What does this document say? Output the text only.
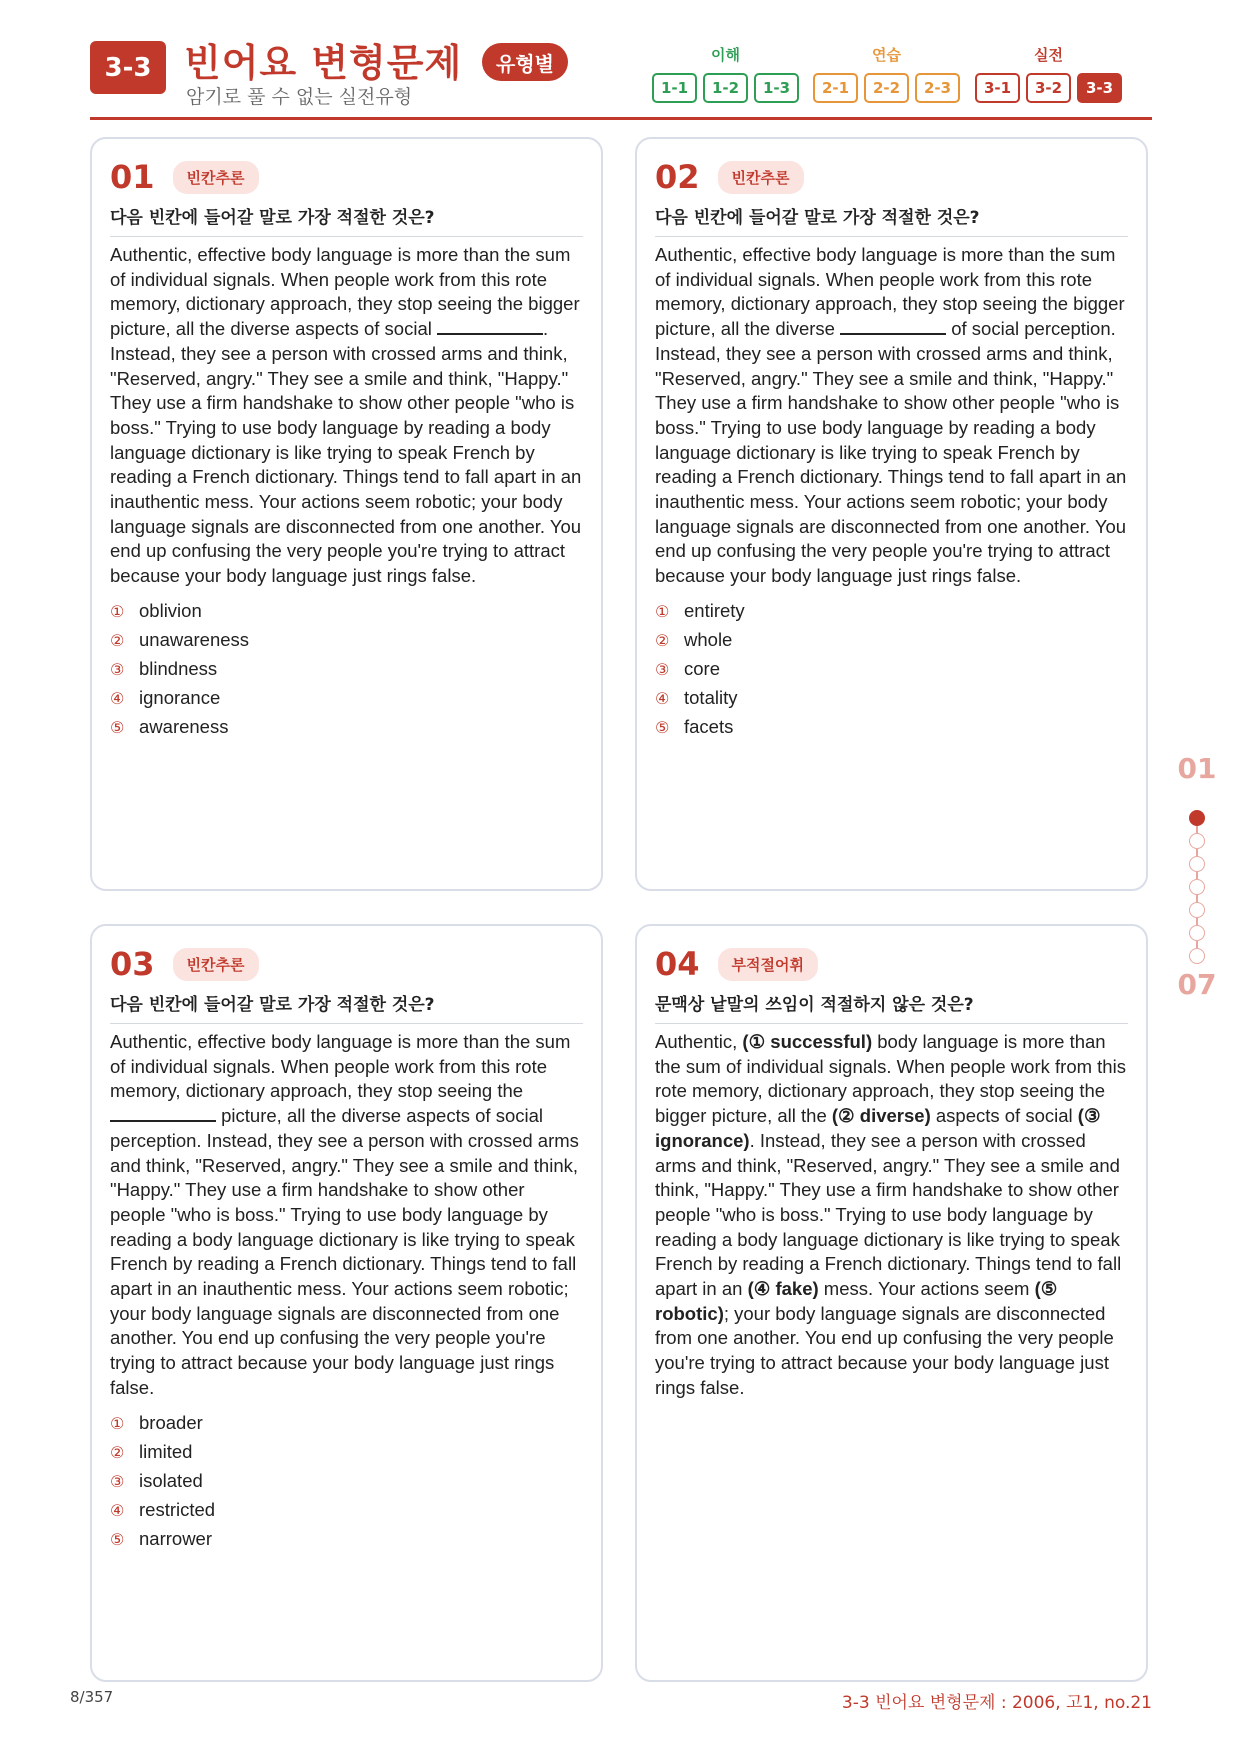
3-3 빈어요 변형문제	유형별
암기로 풀 수 없는 실전유형
이해
1-1	1-2	1-3
연습
2-1	2-2	2-3
실전
3-1	3-2	3-3
01	빈칸추론
다음 빈칸에 들어갈 말로 가장 적절한 것은?
Authentic, effective body language is more than the sum of individual signals. When people work from this rote memory, dictionary approach, they stop seeing the bigger picture, all the diverse aspects of social	. Instead, they see a person with crossed arms and think, "Reserved, angry." They see a smile and think, "Happy." They use a firm handshake to show other people "who is boss." Trying to use body language by reading a body language dictionary is like trying to speak French by reading a French dictionary. Things tend to fall apart in an inauthentic mess. Your actions seem robotic; your body language signals are disconnected from one another. You end up confusing the very people you're trying to attract because your body language just rings false.
① oblivion
② unawareness
③ blindness
④ ignorance
⑤ awareness
02	빈칸추론
다음 빈칸에 들어갈 말로 가장 적절한 것은?
Authentic, effective body language is more than the sum of individual signals. When people work from this rote memory, dictionary approach, they stop seeing the bigger picture, all the diverse	of social perception. Instead, they see a person with crossed arms and think, "Reserved, angry." They see a smile and think, "Happy." They use a firm handshake to show other people "who is boss." Trying to use body language by reading a body language dictionary is like trying to speak French by reading a French dictionary. Things tend to fall apart in an inauthentic mess. Your actions seem robotic; your body language signals are disconnected from one another. You end up confusing the very people you're trying to attract because your body language just rings false.
① entirety
② whole
③ core
④ totality
⑤ facets
03	빈칸추론
다음 빈칸에 들어갈 말로 가장 적절한 것은?
Authentic, effective body language is more than the sum of individual signals. When people work from this rote memory, dictionary approach, they stop seeing the  picture, all the diverse aspects of social perception. Instead, they see a person with crossed arms and think, "Reserved, angry." They see a smile and think, "Happy." They use a firm handshake to show other people "who is boss." Trying to use body language by reading a body language dictionary is like trying to speak French by reading a French dictionary. Things tend to fall apart in an inauthentic mess. Your actions seem robotic; your body language signals are disconnected from one another. You end up confusing the very people you're trying to attract because your body language just rings false.
① broader
② limited
③ isolated
④ restricted
⑤ narrower
04	부적절어휘
문맥상 낱말의 쓰임이 적절하지 않은 것은?
Authentic, (① successful) body language is more than the sum of individual signals. When people work from this rote memory, dictionary approach, they stop seeing the bigger picture, all the (② diverse) aspects of social (③ ignorance). Instead, they see a person with crossed arms and think, "Reserved, angry." They see a smile and think, "Happy." They use a firm handshake to show other people "who is boss." Trying to use body language by reading a body language dictionary is like trying to speak French by reading a French dictionary. Things tend to fall apart in an (④ fake) mess. Your actions seem (⑤ robotic); your body language signals are disconnected from one another. You end up confusing the very people you're trying to attract because your body language just rings false.
01
07
8/357	3-3 빈어요 변형문제 : 2006, 고1, no.21
